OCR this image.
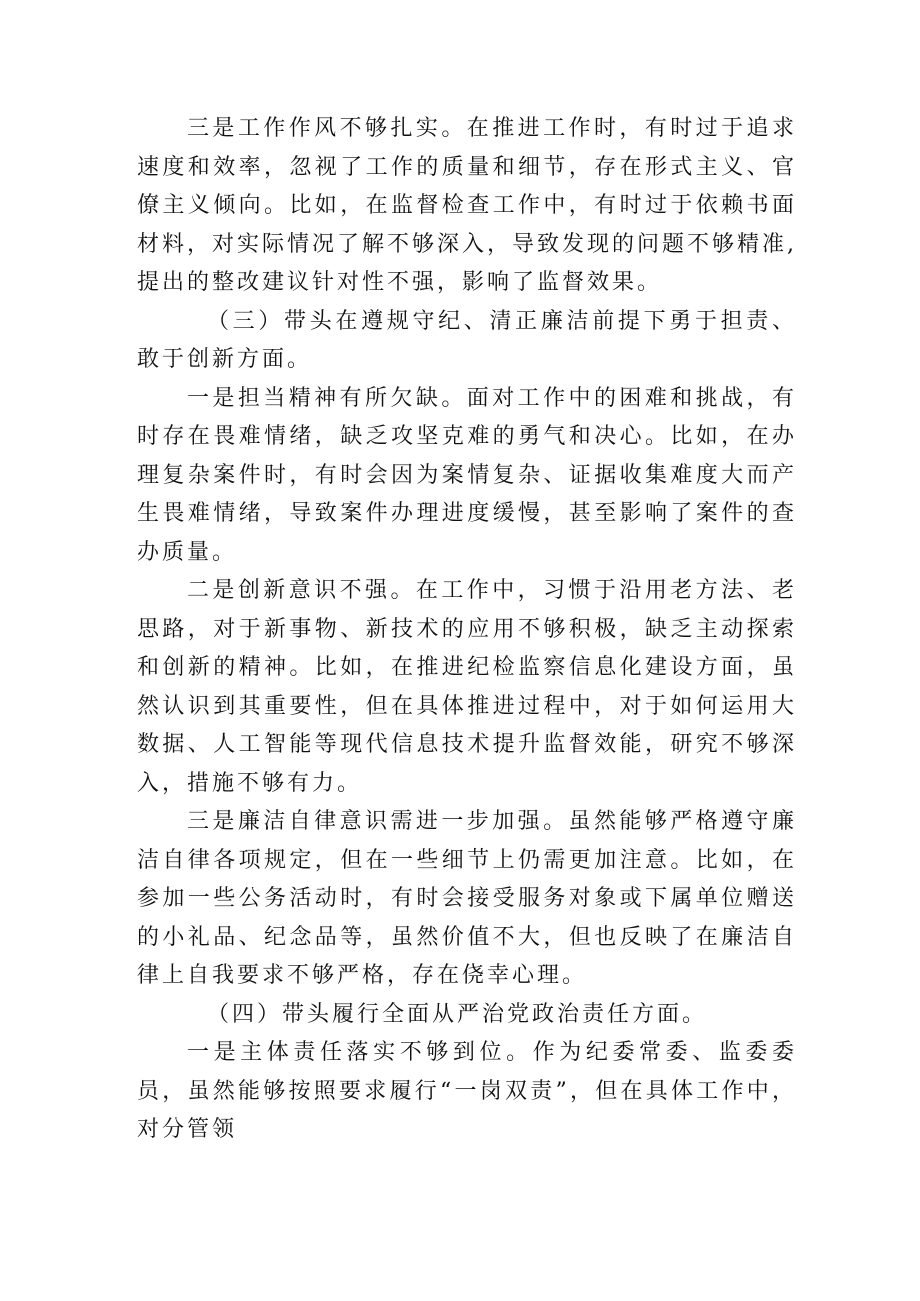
三是工作作风不够扎实。在推进工作时，有时过于追求速度和效率，忽视了工作的质量和细节，存在形式主义、官僚主义倾向。比如，在监督检查工作中，有时过于依赖书面材料，对实际情况了解不够深入，导致发现的问题不够精准,提出的整改建议针对性不强，影响了监督效果。

（三）带头在遵规守纪、清正廉洁前提下勇于担责、敢于创新方面。

一是担当精神有所欠缺。面对工作中的困难和挑战，有时存在畏难情绪，缺乏攻坚克难的勇气和决心。比如，在办理复杂案件时，有时会因为案情复杂、证据收集难度大而产生畏难情绪，导致案件办理进度缓慢，甚至影响了案件的查办质量。

二是创新意识不强。在工作中，习惯于沿用老方法、老思路，对于新事物、新技术的应用不够积极，缺乏主动探索和创新的精神。比如，在推进纪检监察信息化建设方面，虽然认识到其重要性，但在具体推进过程中，对于如何运用大数据、人工智能等现代信息技术提升监督效能，研究不够深入，措施不够有力。

三是廉洁自律意识需进一步加强。虽然能够严格遵守廉洁自律各项规定，但在一些细节上仍需更加注意。比如，在参加一些公务活动时，有时会接受服务对象或下属单位赠送的小礼品、纪念品等，虽然价值不大，但也反映了在廉洁自律上自我要求不够严格，存在侥幸心理。

（四）带头履行全面从严治党政治责任方面。

一是主体责任落实不够到位。作为纪委常委、监委委员，虽然能够按照要求履行“一岗双责”，但在具体工作中，对分管领
